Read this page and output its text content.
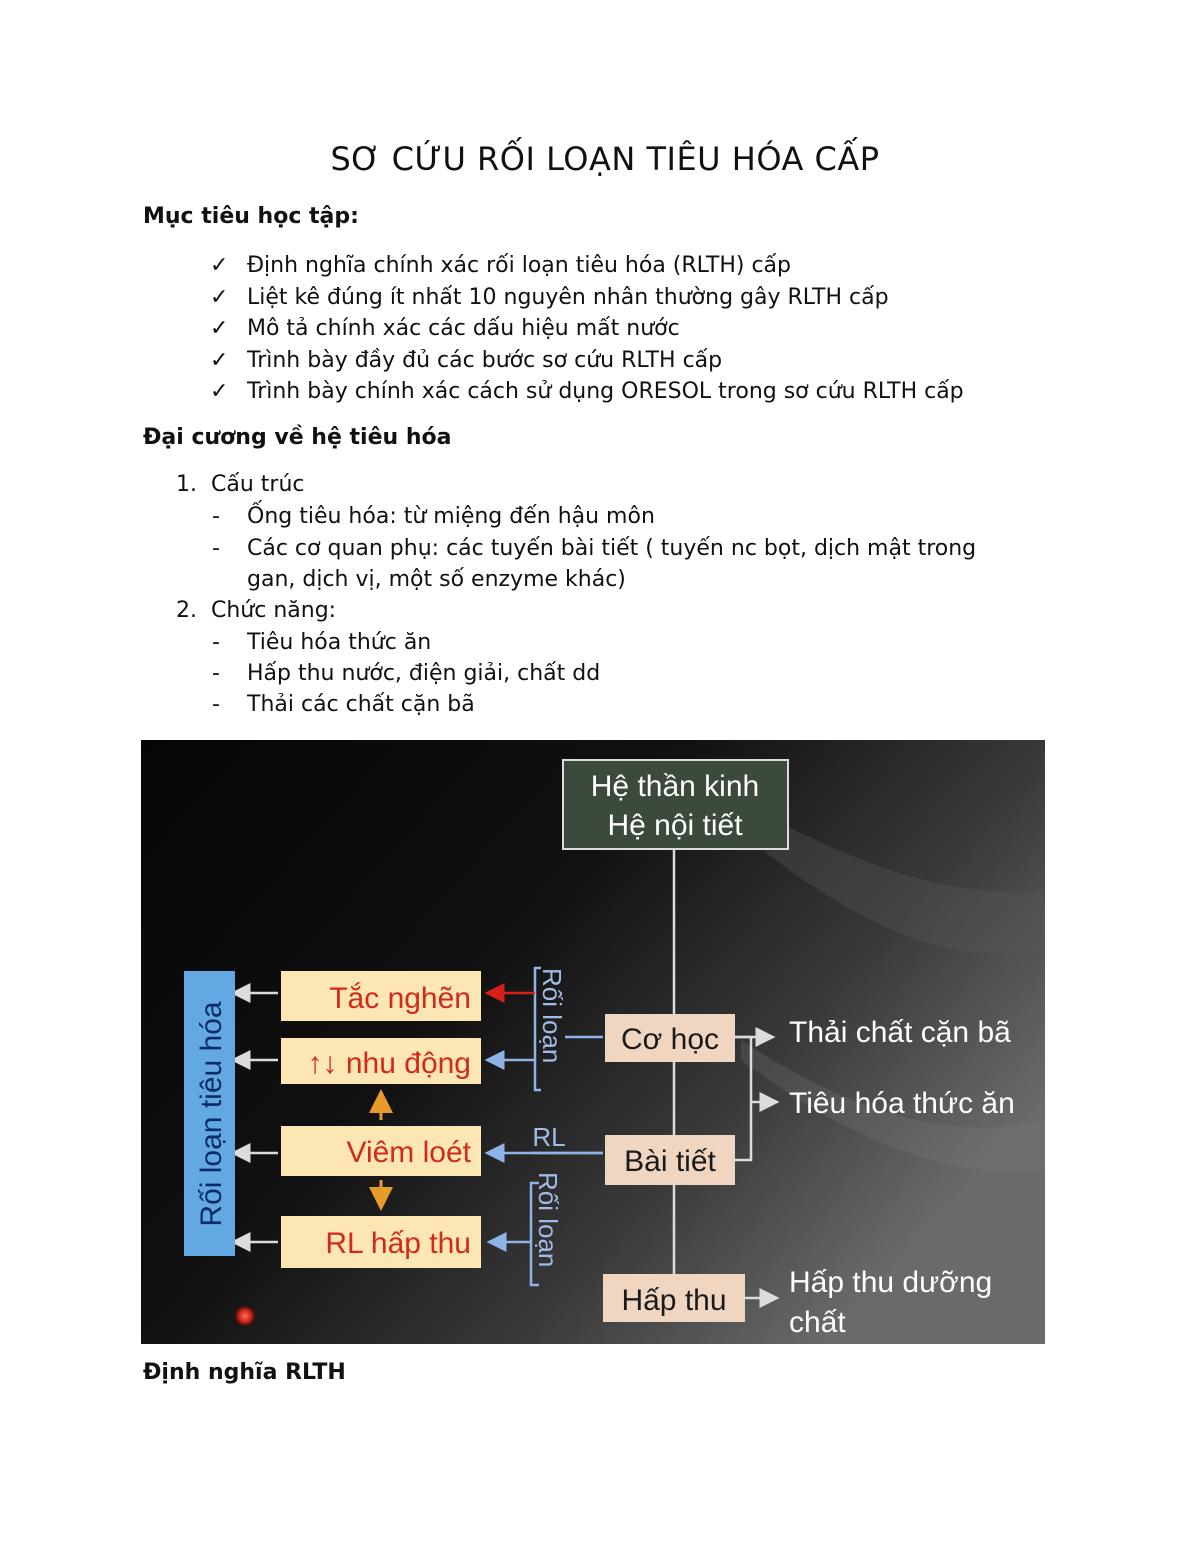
SƠ CỨU RỐI LOẠN TIÊU HÓA CẤP
Mục tiêu học tập:
✓ Định nghĩa chính xác rối loạn tiêu hóa (RLTH) cấp
✓ Liệt kê đúng ít nhất 10 nguyên nhân thường gây RLTH cấp
✓ Mô tả chính xác các dấu hiệu mất nước
✓ Trình bày đầy đủ các bước sơ cứu RLTH cấp
✓ Trình bày chính xác cách sử dụng ORESOL trong sơ cứu RLTH cấp
Đại cương về hệ tiêu hóa
1. Cấu trúc
- Ống tiêu hóa: từ miệng đến hậu môn
- Các cơ quan phụ: các tuyến bài tiết ( tuyến nc bọt, dịch mật trong
gan, dịch vị, một số enzyme khác)
2. Chức năng:
- Tiêu hóa thức ăn
- Hấp thu nước, điện giải, chất dd
- Thải các chất cặn bã
Hệ thần kinh
Hệ nội tiết
Rối loạn tiêu hóa
Tắc nghẽn
↑↓ nhu động
Viêm loét
RL hấp thu
Rối loạn
Rối loạn
RL
Cơ học
Bài tiết
Hấp thu
Thải chất cặn bã
Tiêu hóa thức ăn
Hấp thu dưỡng
chất
Định nghĩa RLTH
